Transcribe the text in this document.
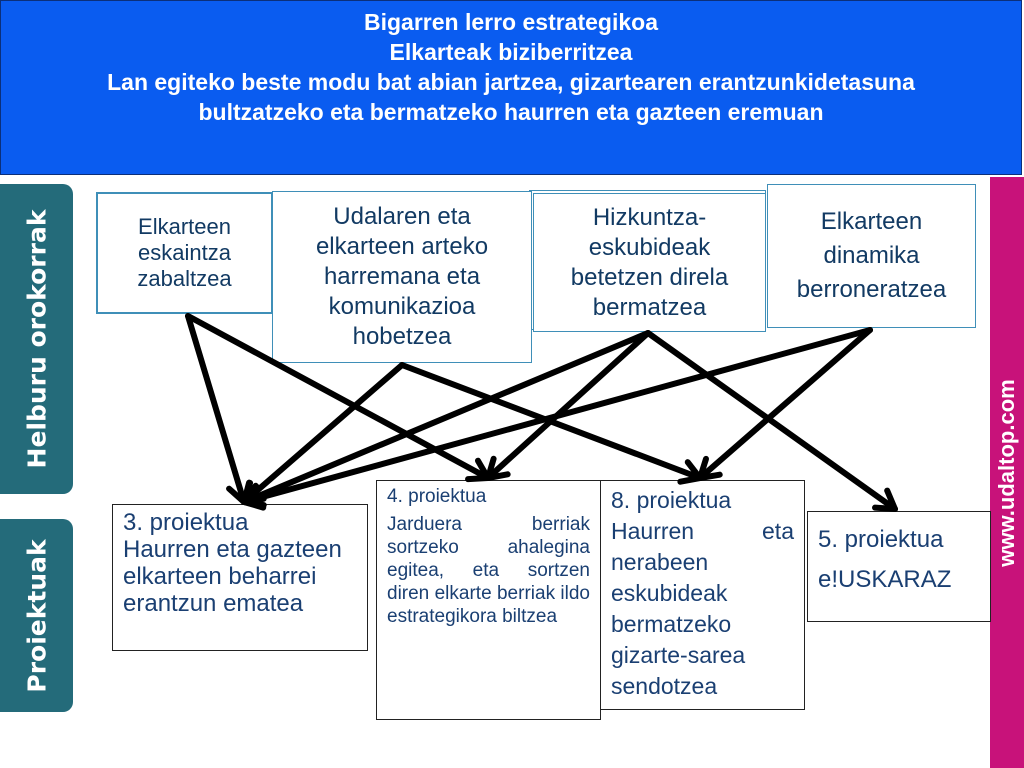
Bigarren lerro estrategikoa
Elkarteak biziberritzea
Lan egiteko beste modu bat abian jartzea, gizartearen erantzunkidetasuna
bultzatzeko eta bermatzeko haurren eta gazteen eremuan
Helburu orokorrak
Proiektuak
www.udaltop.com
Elkarteen eskaintza zabaltzea
Udalaren eta elkarteen arteko harremana eta komunikazioa hobetzea
Hizkuntza-eskubideak betetzen direla bermatzea
Elkarteen dinamika berroneratzea
3. proiektua
Haurren eta gazteen elkarteen beharrei erantzun ematea
4. proiektua
Jarduera berriak sortzeko ahalegina egitea, eta sortzen diren elkarte berriak ildo estrategikora biltzea
8. proiektua
Haurren eta nerabeen eskubideak bermatzeko gizarte-sarea sendotzea
5. proiektua
e!USKARAZ
